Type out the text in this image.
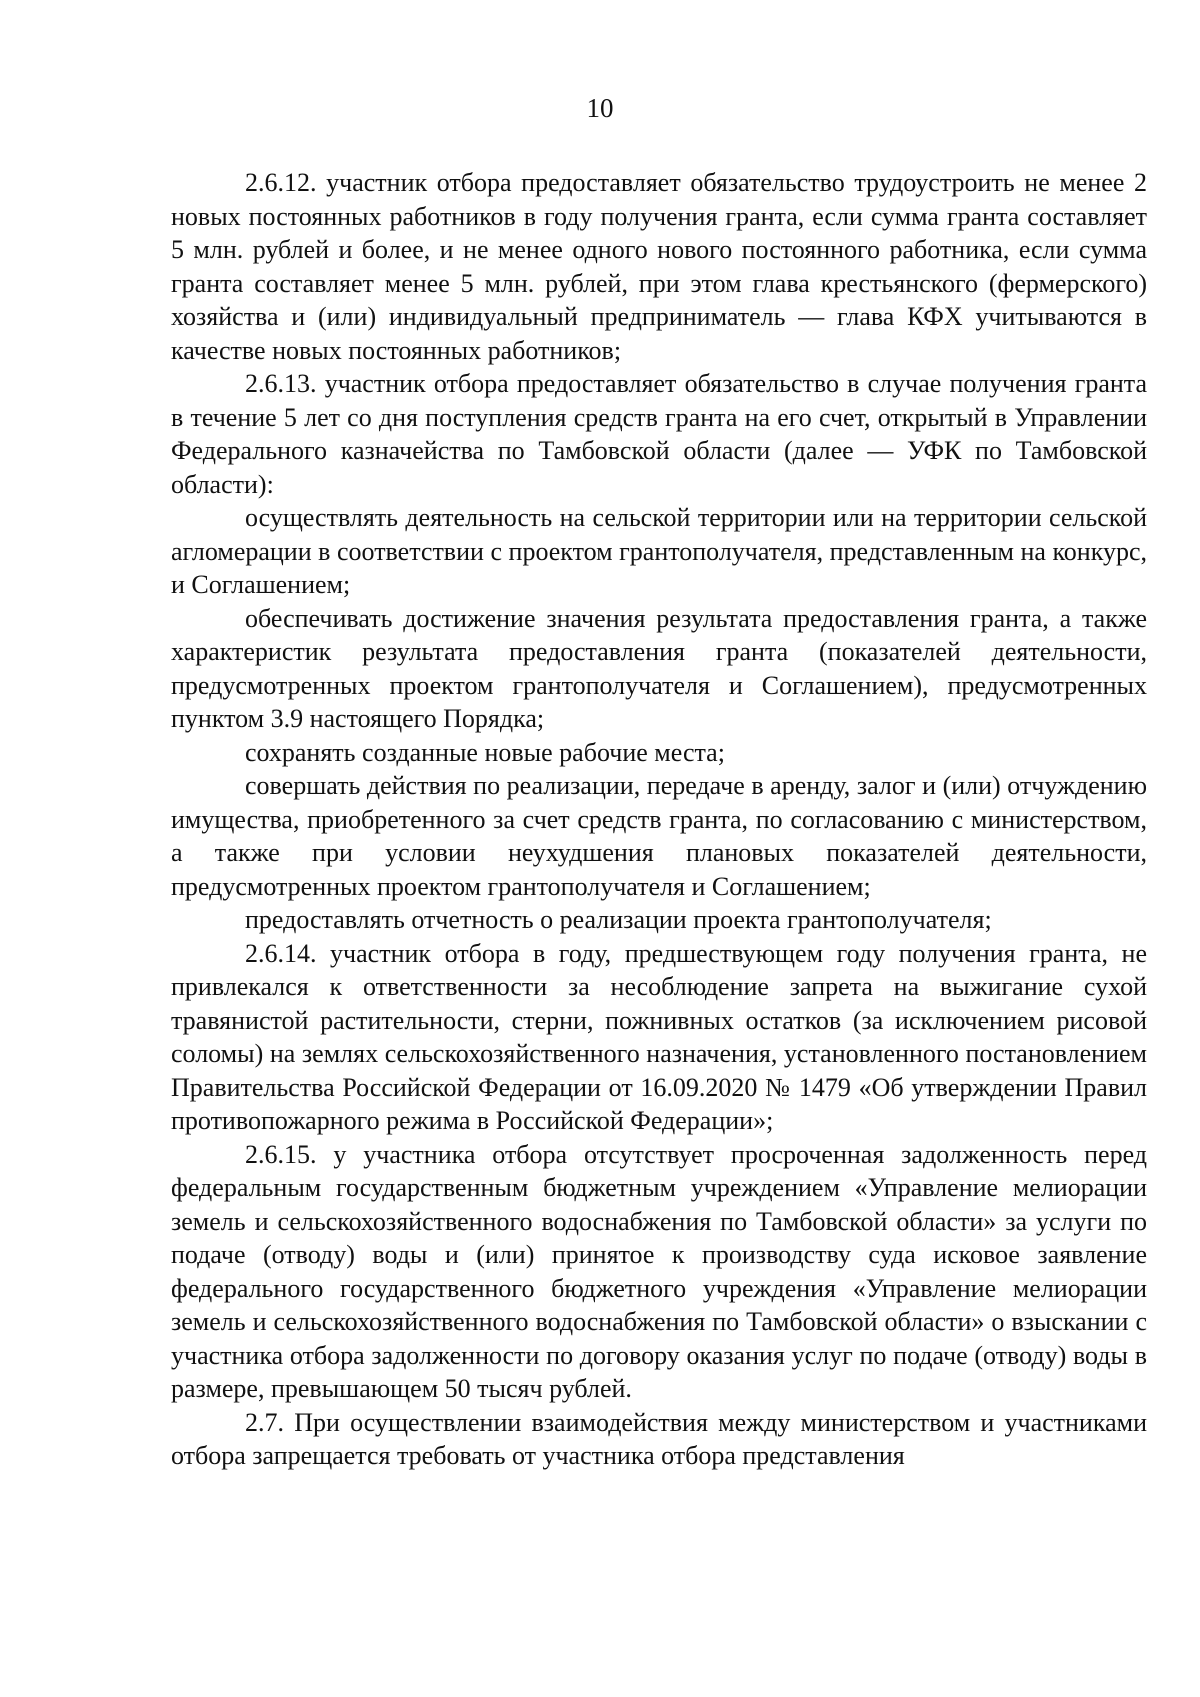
10

2.6.12. участник отбора предоставляет обязательство трудоустроить не менее 2 новых постоянных работников в году получения гранта, если сумма гранта составляет 5 млн. рублей и более, и не менее одного нового постоянного работника, если сумма гранта составляет менее 5 млн. рублей, при этом глава крестьянского (фермерского) хозяйства и (или) индивидуальный предприниматель — глава КФХ учитываются в качестве новых постоянных работников;

2.6.13. участник отбора предоставляет обязательство в случае получения гранта в течение 5 лет со дня поступления средств гранта на его счет, открытый в Управлении Федерального казначейства по Тамбовской области (далее — УФК по Тамбовской области):

осуществлять деятельность на сельской территории или на территории сельской агломерации в соответствии с проектом грантополучателя, представленным на конкурс, и Соглашением;

обеспечивать достижение значения результата предоставления гранта, а также характеристик результата предоставления гранта (показателей деятельности, предусмотренных проектом грантополучателя и Соглашением), предусмотренных пунктом 3.9 настоящего Порядка;

сохранять созданные новые рабочие места;

совершать действия по реализации, передаче в аренду, залог и (или) отчуждению имущества, приобретенного за счет средств гранта, по согласованию с министерством, а также при условии неухудшения плановых показателей деятельности, предусмотренных проектом грантополучателя и Соглашением;

предоставлять отчетность о реализации проекта грантополучателя;

2.6.14. участник отбора в году, предшествующем году получения гранта, не привлекался к ответственности за несоблюдение запрета на выжигание сухой травянистой растительности, стерни, пожнивных остатков (за исключением рисовой соломы) на землях сельскохозяйственного назначения, установленного постановлением Правительства Российской Федерации от 16.09.2020 № 1479 «Об утверждении Правил противопожарного режима в Российской Федерации»;

2.6.15. у участника отбора отсутствует просроченная задолженность перед федеральным государственным бюджетным учреждением «Управление мелиорации земель и сельскохозяйственного водоснабжения по Тамбовской области» за услуги по подаче (отводу) воды и (или) принятое к производству суда исковое заявление федерального государственного бюджетного учреждения «Управление мелиорации земель и сельскохозяйственного водоснабжения по Тамбовской области» о взыскании с участника отбора задолженности по договору оказания услуг по подаче (отводу) воды в размере, превышающем 50 тысяч рублей.

2.7. При осуществлении взаимодействия между министерством и участниками отбора запрещается требовать от участника отбора представления
